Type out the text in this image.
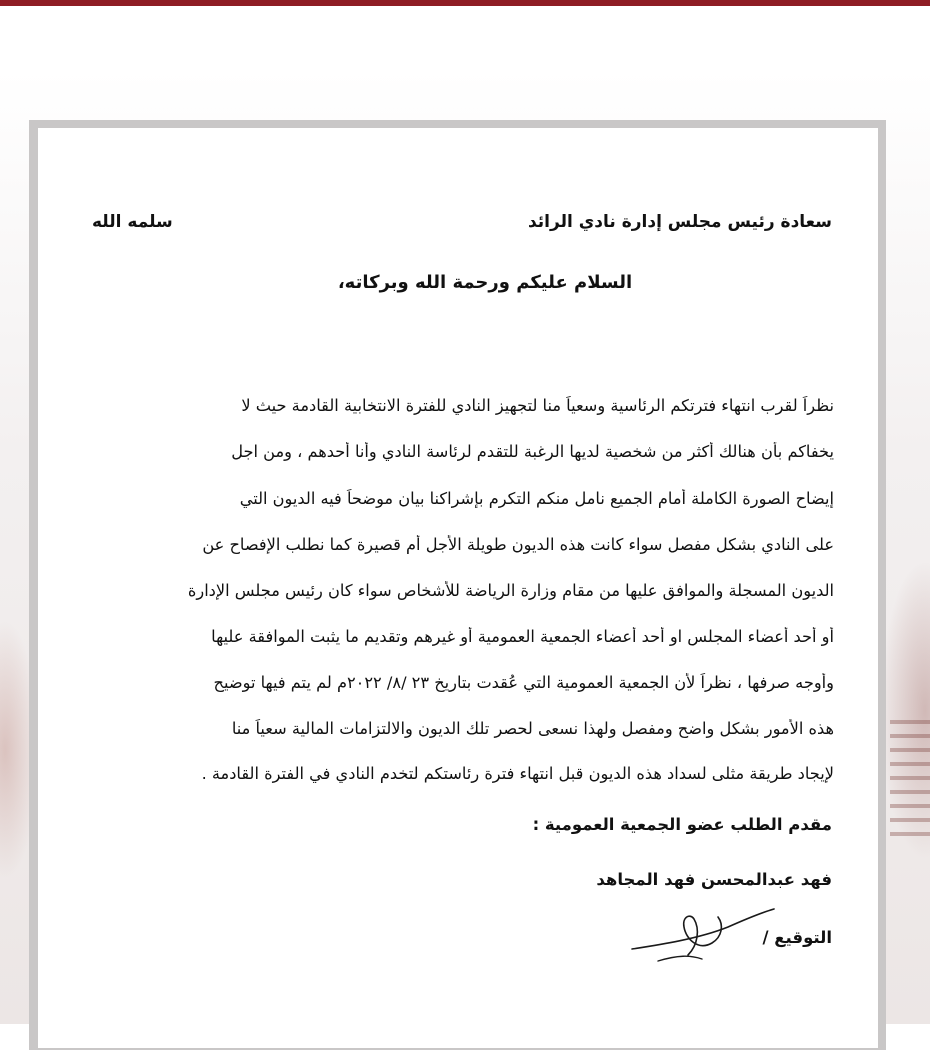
سعادة رئيس مجلس إدارة نادي الرائد
سلمه الله
السلام عليكم ورحمة الله وبركاته،
نظراً لقرب انتهاء فترتكم الرئاسية وسعياً منا لتجهيز النادي للفترة الانتخابية القادمة حيث لا
يخفاكم بأن هنالك أكثر من شخصية لديها الرغبة للتقدم لرئاسة النادي وأنا أحدهم ، ومن اجل
إيضاح الصورة الكاملة أمام الجميع نامل منكم التكرم بإشراكنا بيان موضحاً فيه الديون التي
على النادي بشكل مفصل سواء كانت هذه الديون طويلة الأجل أم قصيرة كما نطلب الإفصاح عن
الديون المسجلة والموافق عليها من مقام وزارة الرياضة للأشخاص سواء كان رئيس مجلس الإدارة
أو أحد أعضاء المجلس او أحد أعضاء الجمعية العمومية أو غيرهم وتقديم ما يثبت الموافقة عليها
وأوجه صرفها ، نظراً لأن الجمعية العمومية التي عُقدت بتاريخ ٢٣ /٨/ ٢٠٢٢م لم يتم فيها توضيح
هذه الأمور بشكل واضح ومفصل ولهذا نسعى لحصر تلك الديون والالتزامات المالية سعياً منا
لإيجاد طريقة مثلى لسداد هذه الديون قبل انتهاء فترة رئاستكم لتخدم النادي في الفترة القادمة .
مقدم الطلب عضو الجمعية العمومية :
فهد عبدالمحسن فهد المجاهد
التوقيع /
